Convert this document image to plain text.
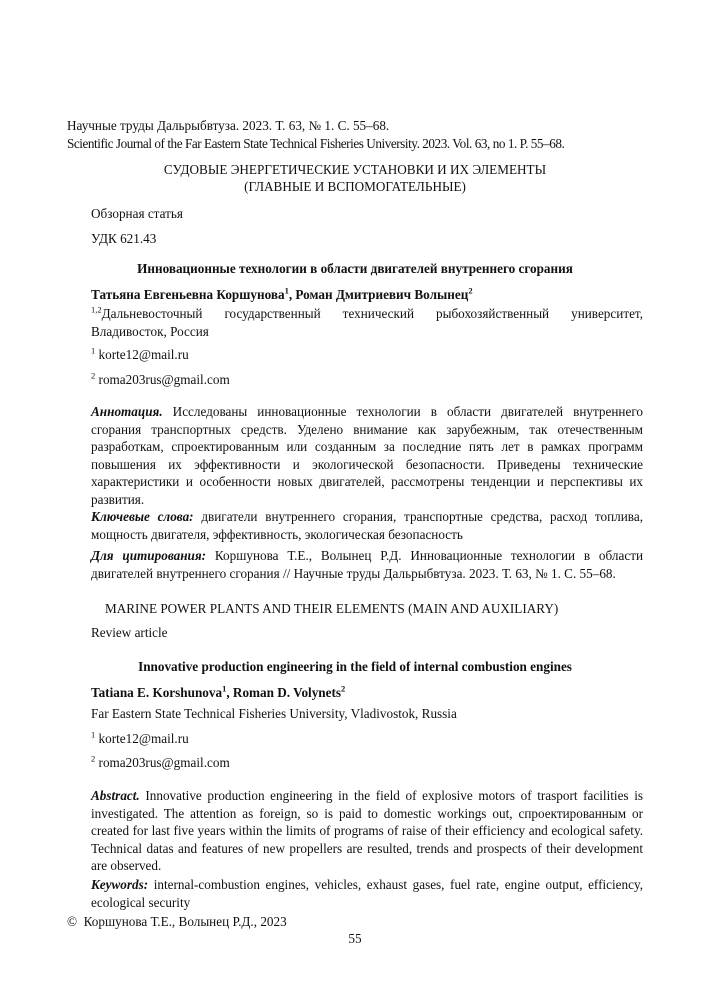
Научные труды Дальрыбвтуза. 2023. Т. 63, № 1. С. 55–68.
Scientific Journal of the Far Eastern State Technical Fisheries University. 2023. Vol. 63, no 1. P. 55–68.
СУДОВЫЕ ЭНЕРГЕТИЧЕСКИЕ УСТАНОВКИ И ИХ ЭЛЕМЕНТЫ
(ГЛАВНЫЕ И ВСПОМОГАТЕЛЬНЫЕ)
Обзорная статья
УДК 621.43
Инновационные технологии в области двигателей внутреннего сгорания
Татьяна Евгеньевна Коршунова$^1$, Роман Дмитриевич Волынец$^2$
$^{1,2}$Дальневосточный государственный технический рыбохозяйственный университет, Владивосток, Россия
$^1$ korte12@mail.ru
$^2$ roma203rus@gmail.com
Аннотация. Исследованы инновационные технологии в области двигателей внутреннего сгорания транспортных средств. Уделено внимание как зарубежным, так отечественным разработкам, спроектированным или созданным за последние пять лет в рамках программ повышения их эффективности и экологической безопасности. Приведены технические характеристики и особенности новых двигателей, рассмотрены тенденции и перспективы их развития.
Ключевые слова: двигатели внутреннего сгорания, транспортные средства, расход топлива, мощность двигателя, эффективность, экологическая безопасность
Для цитирования: Коршунова Т.Е., Волынец Р.Д. Инновационные технологии в области двигателей внутреннего сгорания // Научные труды Дальрыбвтуза. 2023. Т. 63, № 1. С. 55–68.
MARINE POWER PLANTS AND THEIR ELEMENTS (MAIN AND AUXILIARY)
Review article
Innovative production engineering in the field of internal combustion engines
Tatiana E. Korshunova$^1$, Roman D. Volynets$^2$
Far Eastern State Technical Fisheries University, Vladivostok, Russia
$^1$ korte12@mail.ru
$^2$ roma203rus@gmail.com
Abstract. Innovative production engineering in the field of explosive motors of trasport facilities is investigated. The attention as foreign, so is paid to domestic workings out, спроектированным or created for last five years within the limits of programs of raise of their efficiency and ecological safety. Technical datas and features of new propellers are resulted, trends and prospects of their development are observed.
Keywords: internal-combustion engines, vehicles, exhaust gases, fuel rate, engine output, efficiency, ecological security
© Коршунова Т.Е., Волынец Р.Д., 2023
55
